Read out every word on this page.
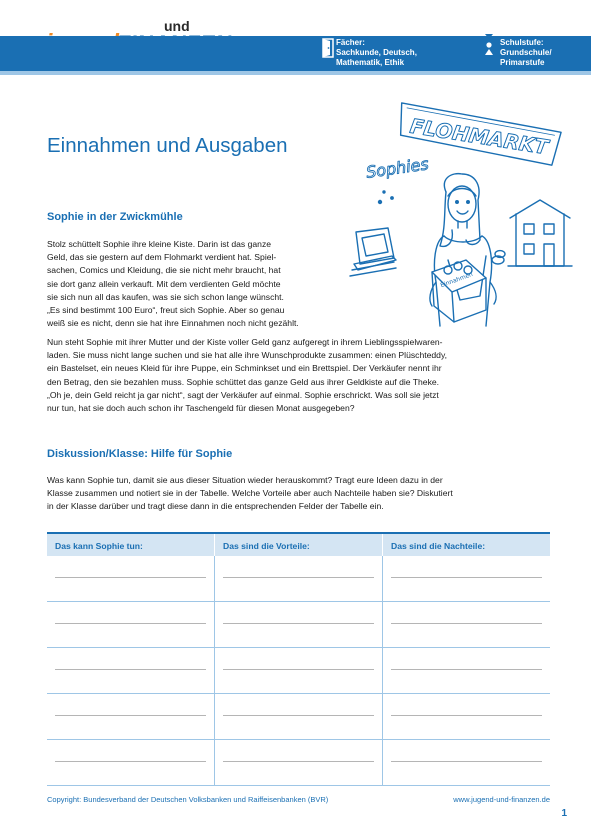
und
Fächer:
Sachkunde, Deutsch,
Mathematik, Ethik
Schulstufe:
Grundschule/
Primarstufe
Einnahmen und Ausgaben	FLOHMARKT
Sophies
Einnahmen
Sophie in der Zwickmühle
Stolz schüttelt Sophie ihre kleine Kiste. Darin ist das ganze
Geld, das sie gestern auf dem Flohmarkt verdient hat. Spiel-
sachen, Comics und Kleidung, die sie nicht mehr braucht, hat
sie dort ganz allein verkauft. Mit dem verdienten Geld möchte
sie sich nun all das kaufen, was sie sich schon lange wünscht.
„Es sind bestimmt 100 Euro“, freut sich Sophie. Aber so genau
weiß sie es nicht, denn sie hat ihre Einnahmen noch nicht gezählt.
Nun steht Sophie mit ihrer Mutter und der Kiste voller Geld ganz aufgeregt in ihrem Lieblingsspielwaren-
laden. Sie muss nicht lange suchen und sie hat alle ihre Wunschprodukte zusammen: einen Plüschteddy,
ein Bastelset, ein neues Kleid für ihre Puppe, ein Schminkset und ein Brettspiel. Der Verkäufer nennt ihr
den Betrag, den sie bezahlen muss. Sophie schüttet das ganze Geld aus ihrer Geldkiste auf die Theke.
„Oh je, dein Geld reicht ja gar nicht“, sagt der Verkäufer auf einmal. Sophie erschrickt. Was soll sie jetzt
nur tun, hat sie doch auch schon ihr Taschengeld für diesen Monat ausgegeben?
Diskussion/Klasse: Hilfe für Sophie
Was kann Sophie tun, damit sie aus dieser Situation wieder herauskommt? Tragt eure Ideen dazu in der
Klasse zusammen und notiert sie in der Tabelle. Welche Vorteile aber auch Nachteile haben sie? Diskutiert
in der Klasse darüber und tragt diese dann in die entsprechenden Felder der Tabelle ein.
Das kann Sophie tun:	Das sind die Vorteile:	Das sind die Nachteile:
Copyright: Bundesverband der Deutschen Volksbanken und Raiffeisenbanken (BVR)	www.jugend-und-finanzen.de
1
